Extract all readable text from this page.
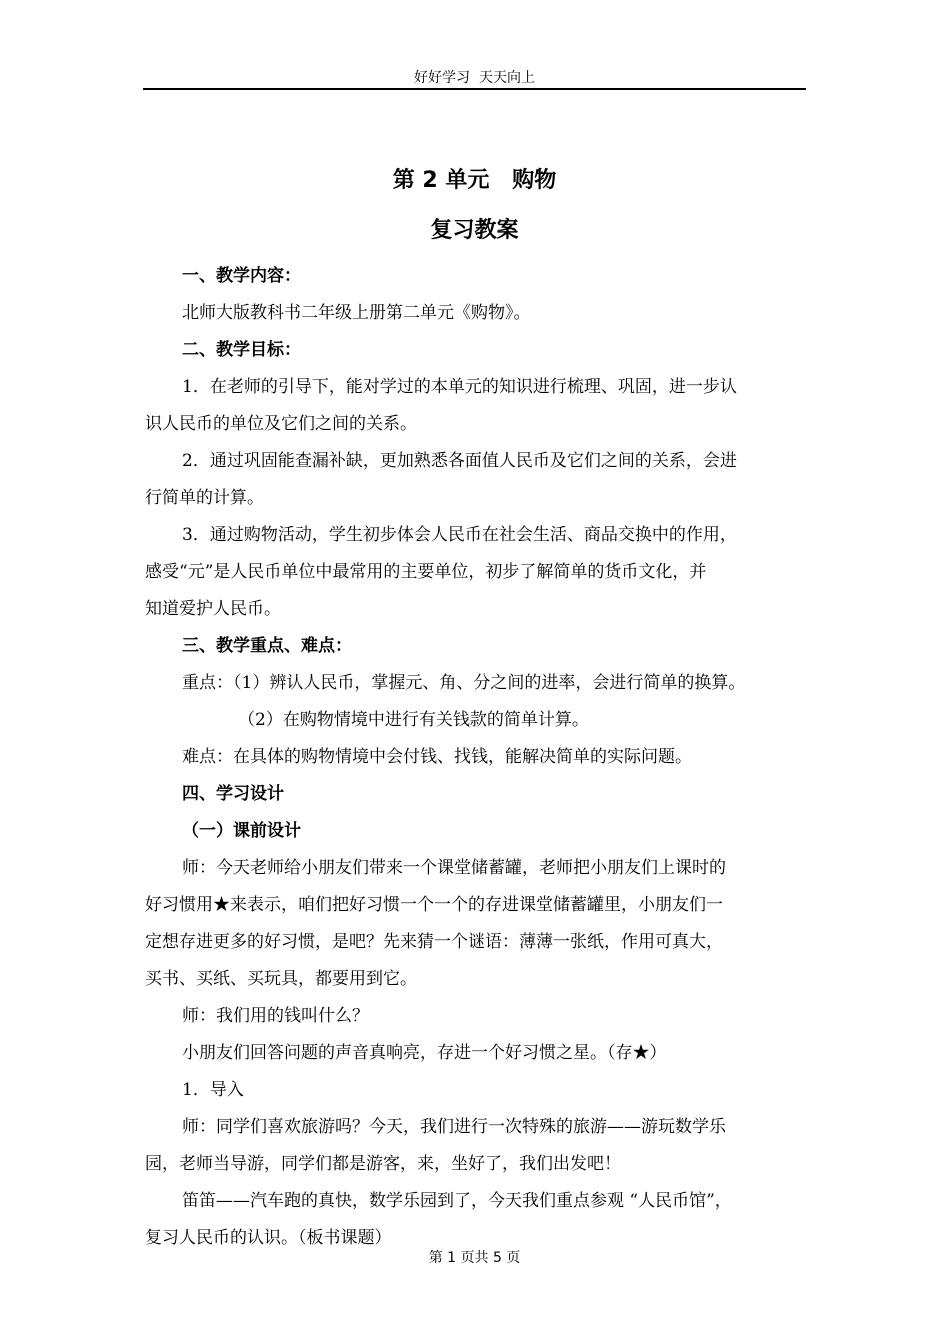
好好学习  天天向上
第 2 单元   购物
复习教案

一、教学内容：

北师大版教科书二年级上册第二单元《购物》。

二、教学目标：

1．在老师的引导下，能对学过的本单元的知识进行梳理、巩固，进一步认

识人民币的单位及它们之间的关系。

2．通过巩固能查漏补缺，更加熟悉各面值人民币及它们之间的关系，会进

行简单的计算。

3．通过购物活动，学生初步体会人民币在社会生活、商品交换中的作用，

感受“元”是人民币单位中最常用的主要单位，初步了解简单的货币文化，并

知道爱护人民币。

三、教学重点、难点：

重点：（1）辨认人民币，掌握元、角、分之间的进率，会进行简单的换算。

（2）在购物情境中进行有关钱款的简单计算。

难点：在具体的购物情境中会付钱、找钱，能解决简单的实际问题。

四、学习设计

（一）课前设计

师：今天老师给小朋友们带来一个课堂储蓄罐，老师把小朋友们上课时的

好习惯用★来表示，咱们把好习惯一个一个的存进课堂储蓄罐里，小朋友们一

定想存进更多的好习惯，是吧？先来猜一个谜语：薄薄一张纸，作用可真大，

买书、买纸、买玩具，都要用到它。

师：我们用的钱叫什么？

小朋友们回答问题的声音真响亮，存进一个好习惯之星。（存★）

1．导入

师：同学们喜欢旅游吗？今天，我们进行一次特殊的旅游——游玩数学乐

园，老师当导游，同学们都是游客，来，坐好了，我们出发吧！

笛笛——汽车跑的真快，数学乐园到了，今天我们重点参观 “人民币馆”，

复习人民币的认识。（板书课题）

第 1 页共 5 页
